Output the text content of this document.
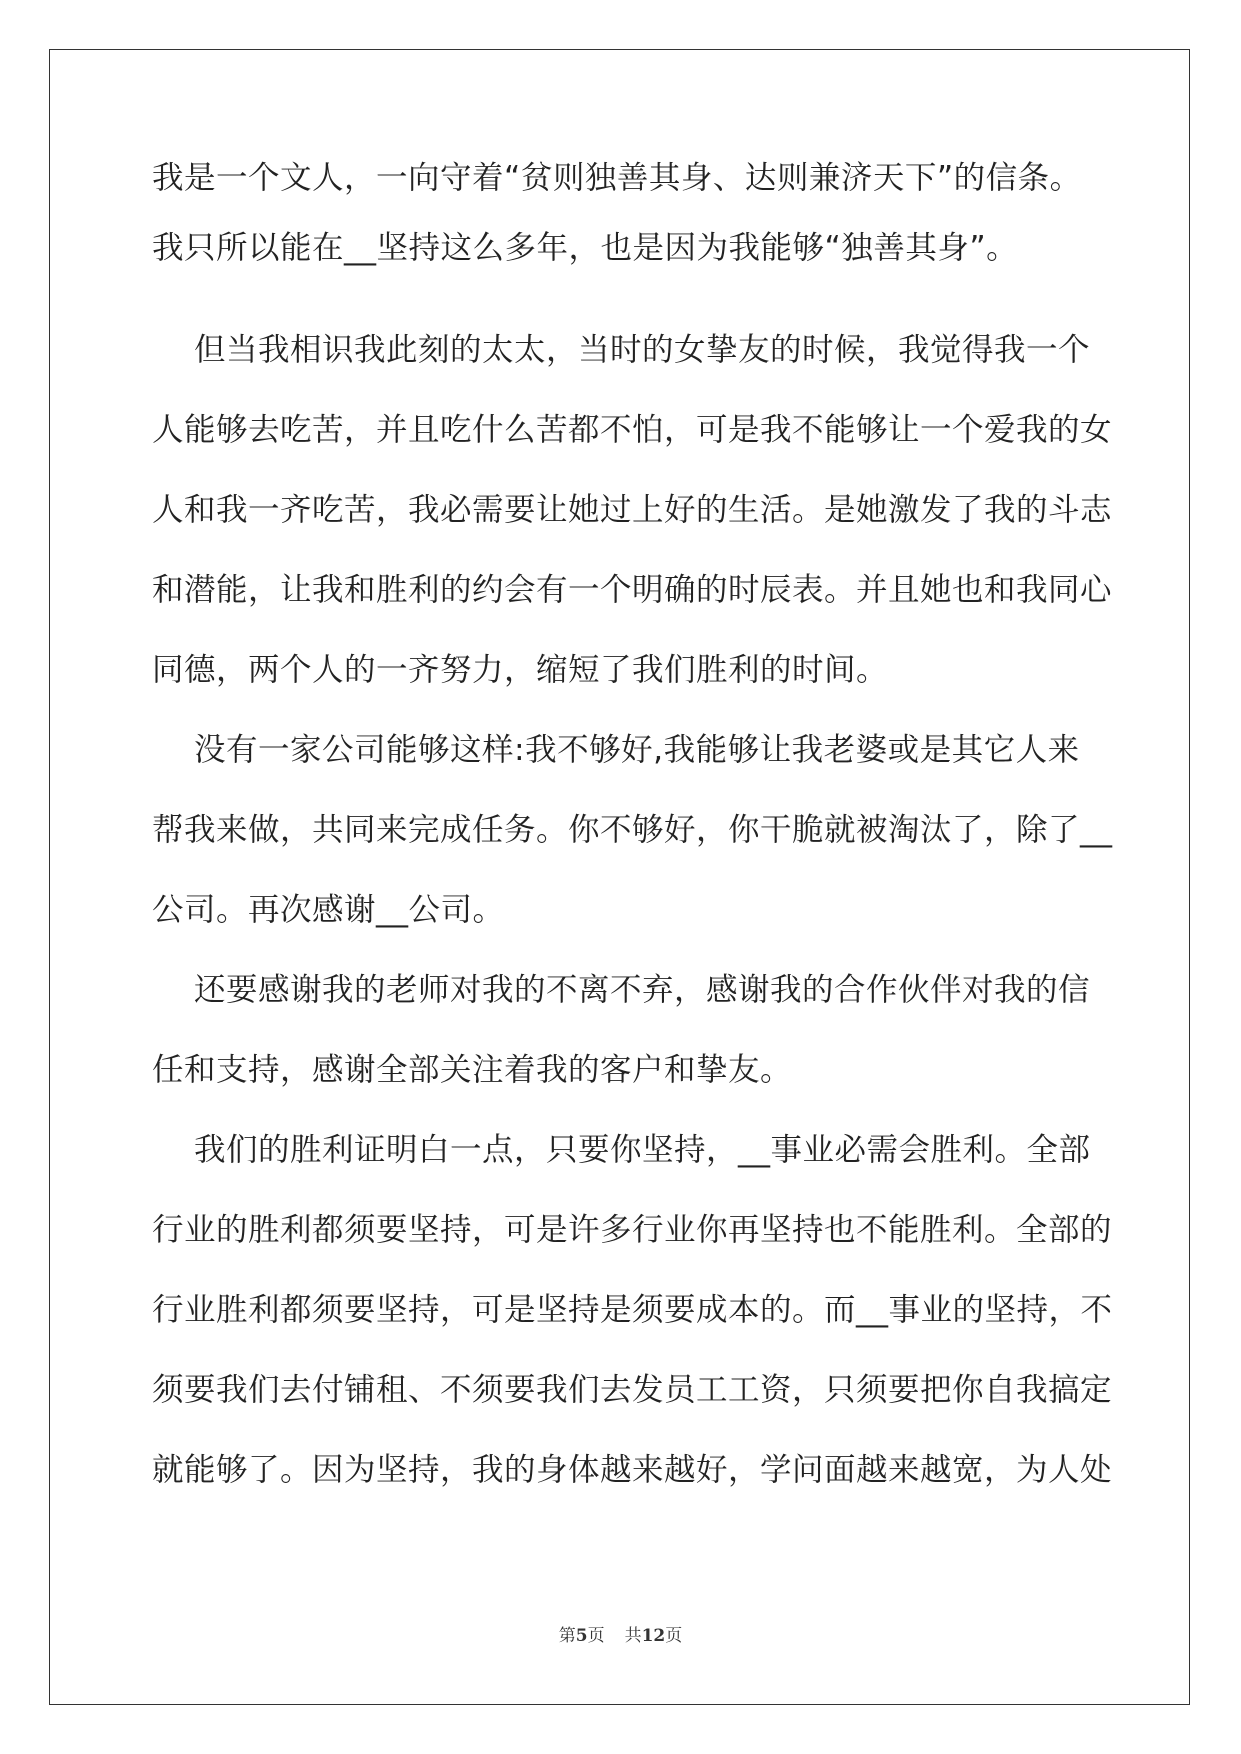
我是一个文人，一向守着“贫则独善其身、达则兼济天下”的信条。

我只所以能在__坚持这么多年，也是因为我能够“独善其身”。

但当我相识我此刻的太太，当时的女挚友的时候，我觉得我一个

人能够去吃苦，并且吃什么苦都不怕，可是我不能够让一个爱我的女

人和我一齐吃苦，我必需要让她过上好的生活。是她激发了我的斗志

和潜能，让我和胜利的约会有一个明确的时辰表。并且她也和我同心

同德，两个人的一齐努力，缩短了我们胜利的时间。

没有一家公司能够这样:我不够好,我能够让我老婆或是其它人来

帮我来做，共同来完成任务。你不够好，你干脆就被淘汰了，除了__

公司。再次感谢__公司。

还要感谢我的老师对我的不离不弃，感谢我的合作伙伴对我的信

任和支持，感谢全部关注着我的客户和挚友。

我们的胜利证明白一点，只要你坚持，__事业必需会胜利。全部

行业的胜利都须要坚持，可是许多行业你再坚持也不能胜利。全部的

行业胜利都须要坚持，可是坚持是须要成本的。而__事业的坚持，不

须要我们去付铺租、不须要我们去发员工工资，只须要把你自我搞定

就能够了。因为坚持，我的身体越来越好，学问面越来越宽，为人处

第5页 共12页
